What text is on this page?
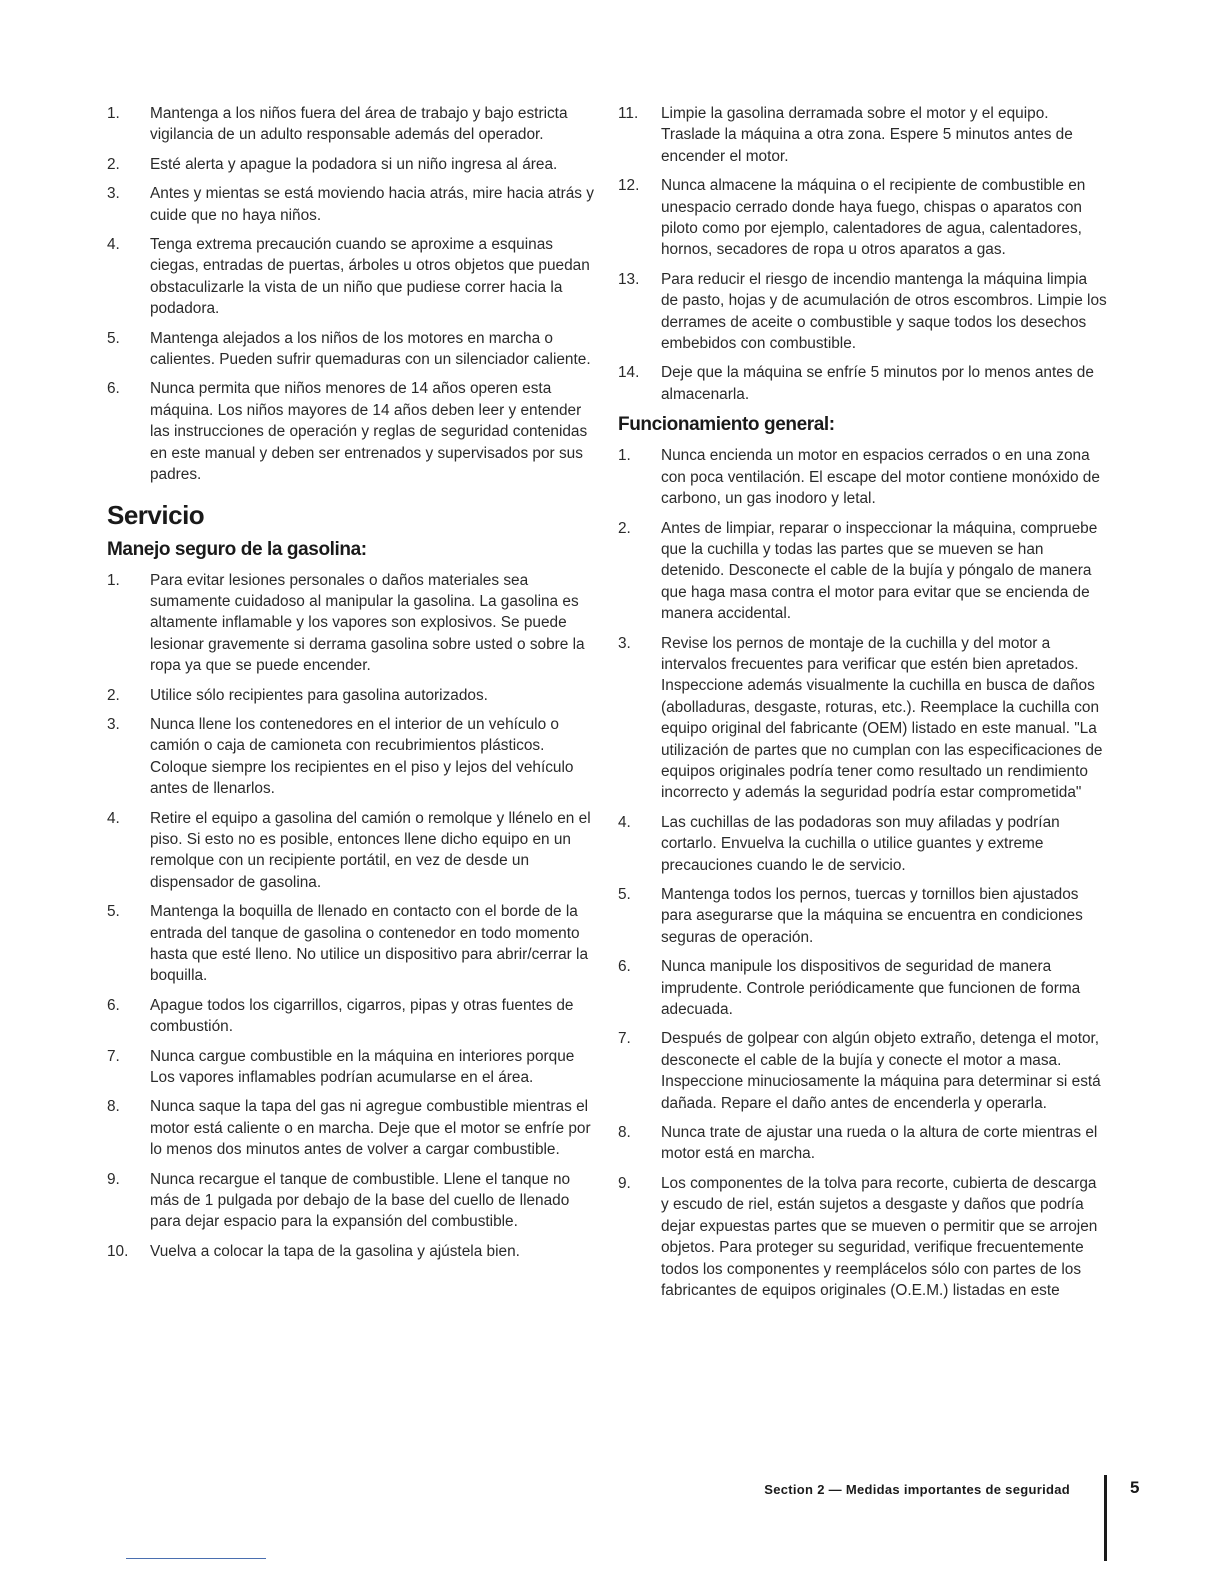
1. Mantenga a los niños fuera del área de trabajo y bajo estricta vigilancia de un adulto responsable además del operador.
2. Esté alerta y apague la podadora si un niño ingresa al área.
3. Antes y mientas se está moviendo hacia atrás, mire hacia atrás y cuide que no haya niños.
4. Tenga extrema precaución cuando se aproxime a esquinas ciegas, entradas de puertas, árboles u otros objetos que puedan obstaculizarle la vista de un niño que pudiese correr hacia la podadora.
5. Mantenga alejados a los niños de los motores en marcha o calientes. Pueden sufrir quemaduras con un silenciador caliente.
6. Nunca permita que niños menores de 14 años operen esta máquina. Los niños mayores de 14 años deben leer y entender las instrucciones de operación y reglas de seguridad contenidas en este manual y deben ser entrenados y supervisados por sus padres.
Servicio
Manejo seguro de la gasolina:
1. Para evitar lesiones personales o daños materiales sea sumamente cuidadoso al manipular la gasolina. La gasolina es altamente inflamable y los vapores son explosivos. Se puede lesionar gravemente si derrama gasolina sobre usted o sobre la ropa ya que se puede encender.
2. Utilice sólo recipientes para gasolina autorizados.
3. Nunca llene los contenedores en el interior de un vehículo o camión o caja de camioneta con recubrimientos plásticos. Coloque siempre los recipientes en el piso y lejos del vehículo antes de llenarlos.
4. Retire el equipo a gasolina del camión o remolque y llénelo en el piso. Si esto no es posible, entonces llene dicho equipo en un remolque con un recipiente portátil, en vez de desde un dispensador de gasolina.
5. Mantenga la boquilla de llenado en contacto con el borde de la entrada del tanque de gasolina o contenedor en todo momento hasta que esté lleno. No utilice un dispositivo para abrir/cerrar la boquilla.
6. Apague todos los cigarrillos, cigarros, pipas y otras fuentes de combustión.
7. Nunca cargue combustible en la máquina en interiores porque Los vapores inflamables podrían acumularse en el área.
8. Nunca saque la tapa del gas ni agregue combustible mientras el motor está caliente o en marcha. Deje que el motor se enfríe por lo menos dos minutos antes de volver a cargar combustible.
9. Nunca recargue el tanque de combustible. Llene el tanque no más de 1 pulgada por debajo de la base del cuello de llenado para dejar espacio para la expansión del combustible.
10. Vuelva a colocar la tapa de la gasolina y ajústela bien.
11. Limpie la gasolina derramada sobre el motor y el equipo. Traslade la máquina a otra zona. Espere 5 minutos antes de encender el motor.
12. Nunca almacene la máquina o el recipiente de combustible en unespacio cerrado donde haya fuego, chispas o aparatos con piloto como por ejemplo, calentadores de agua, calentadores, hornos, secadores de ropa u otros aparatos a gas.
13. Para reducir el riesgo de incendio mantenga la máquina limpia de pasto, hojas y de acumulación de otros escombros. Limpie los derrames de aceite o combustible y saque todos los desechos embebidos con combustible.
14. Deje que la máquina se enfríe 5 minutos por lo menos antes de almacenarla.
Funcionamiento general:
1. Nunca encienda un motor en espacios cerrados o en una zona con poca ventilación. El escape del motor contiene monóxido de carbono, un gas inodoro y letal.
2. Antes de limpiar, reparar o inspeccionar la máquina, compruebe que la cuchilla y todas las partes que se mueven se han detenido. Desconecte el cable de la bujía y póngalo de manera que haga masa contra el motor para evitar que se encienda de manera accidental.
3. Revise los pernos de montaje de la cuchilla y del motor a intervalos frecuentes para verificar que estén bien apretados. Inspeccione además visualmente la cuchilla en busca de daños (abolladuras, desgaste, roturas, etc.). Reemplace la cuchilla con equipo original del fabricante (OEM) listado en este manual. "La utilización de partes que no cumplan con las especificaciones de equipos originales podría tener como resultado un rendimiento incorrecto y además la seguridad podría estar comprometida"
4. Las cuchillas de las podadoras son muy afiladas y podrían cortarlo. Envuelva la cuchilla o utilice guantes y extreme precauciones cuando le de servicio.
5. Mantenga todos los pernos, tuercas y tornillos bien ajustados para asegurarse que la máquina se encuentra en condiciones seguras de operación.
6. Nunca manipule los dispositivos de seguridad de manera imprudente. Controle periódicamente que funcionen de forma adecuada.
7. Después de golpear con algún objeto extraño, detenga el motor, desconecte el cable de la bujía y conecte el motor a masa. Inspeccione minuciosamente la máquina para determinar si está dañada. Repare el daño antes de encenderla y operarla.
8. Nunca trate de ajustar una rueda o la altura de corte mientras el motor está en marcha.
9. Los componentes de la tolva para recorte, cubierta de descarga y escudo de riel, están sujetos a desgaste y daños que podría dejar expuestas partes que se mueven o permitir que se arrojen objetos. Para proteger su seguridad, verifique frecuentemente todos los componentes y reemplácelos sólo con partes de los fabricantes de equipos originales (O.E.M.) listadas en este
Section 2 — Medidas importantes de seguridad	5
